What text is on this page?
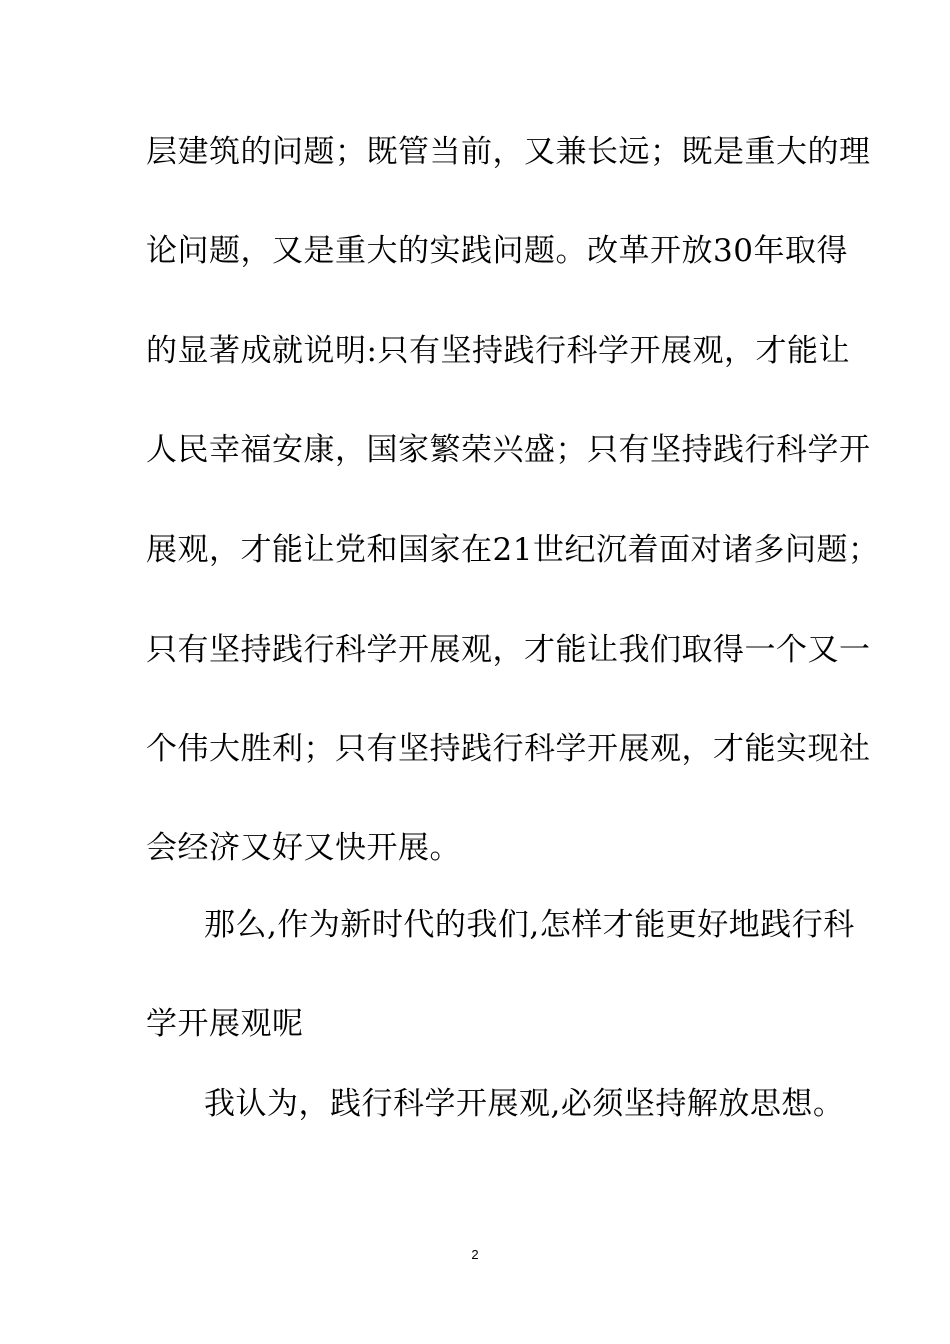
层建筑的问题；既管当前，又兼长远；既是重大的理
论问题，又是重大的实践问题。改革开放30年取得
的显著成就说明:只有坚持践行科学开展观，才能让
人民幸福安康，国家繁荣兴盛；只有坚持践行科学开
展观，才能让党和国家在21世纪沉着面对诸多问题；
只有坚持践行科学开展观，才能让我们取得一个又一
个伟大胜利；只有坚持践行科学开展观，才能实现社
会经济又好又快开展。
那么,作为新时代的我们,怎样才能更好地践行科
学开展观呢
我认为，践行科学开展观,必须坚持解放思想。
2
